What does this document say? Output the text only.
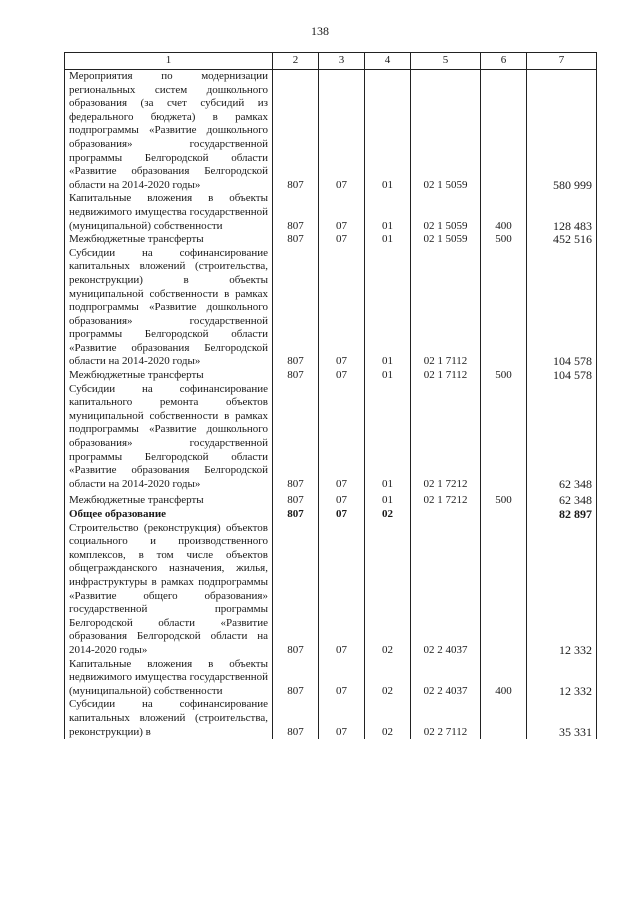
138
1	2	3	4	5	6	7
Мероприятия по модернизации региональных систем дошкольного образования (за счет субсидий из федерального бюджета) в рамках подпрограммы «Развитие дошкольного образования» государственной программы Белгородской области «Развитие образования Белгородской области на 2014-2020 годы»	807	07	01	02 1 5059		580 999
Капитальные вложения в объекты недвижимого имущества государственной (муниципальной) собственности	807	07	01	02 1 5059	400	128 483
Межбюджетные трансферты	807	07	01	02 1 5059	500	452 516
Субсидии на софинансирование капитальных вложений (строительства, реконструкции) в объекты муниципальной собственности в рамках подпрограммы «Развитие дошкольного образования» государственной программы Белгородской области «Развитие образования Белгородской области на 2014-2020 годы»	807	07	01	02 1 7112		104 578
Межбюджетные трансферты	807	07	01	02 1 7112	500	104 578
Субсидии на софинансирование капитального ремонта объектов муниципальной собственности в рамках подпрограммы «Развитие дошкольного образования» государственной программы Белгородской области «Развитие образования Белгородской области на 2014-2020 годы»	807	07	01	02 1 7212		62 348
Межбюджетные трансферты	807	07	01	02 1 7212	500	62 348
Общее образование	807	07	02			82 897
Строительство (реконструкция) объектов социального и производственного комплексов, в том числе объектов общегражданского назначения, жилья, инфраструктуры в рамках подпрограммы «Развитие общего образования» государственной программы Белгородской области «Развитие образования Белгородской области на 2014-2020 годы»	807	07	02	02 2 4037		12 332
Капитальные вложения в объекты недвижимого имущества государственной (муниципальной) собственности	807	07	02	02 2 4037	400	12 332
Субсидии на софинансирование капитальных вложений (строительства, реконструкции) в	807	07	02	02 2 7112		35 331
